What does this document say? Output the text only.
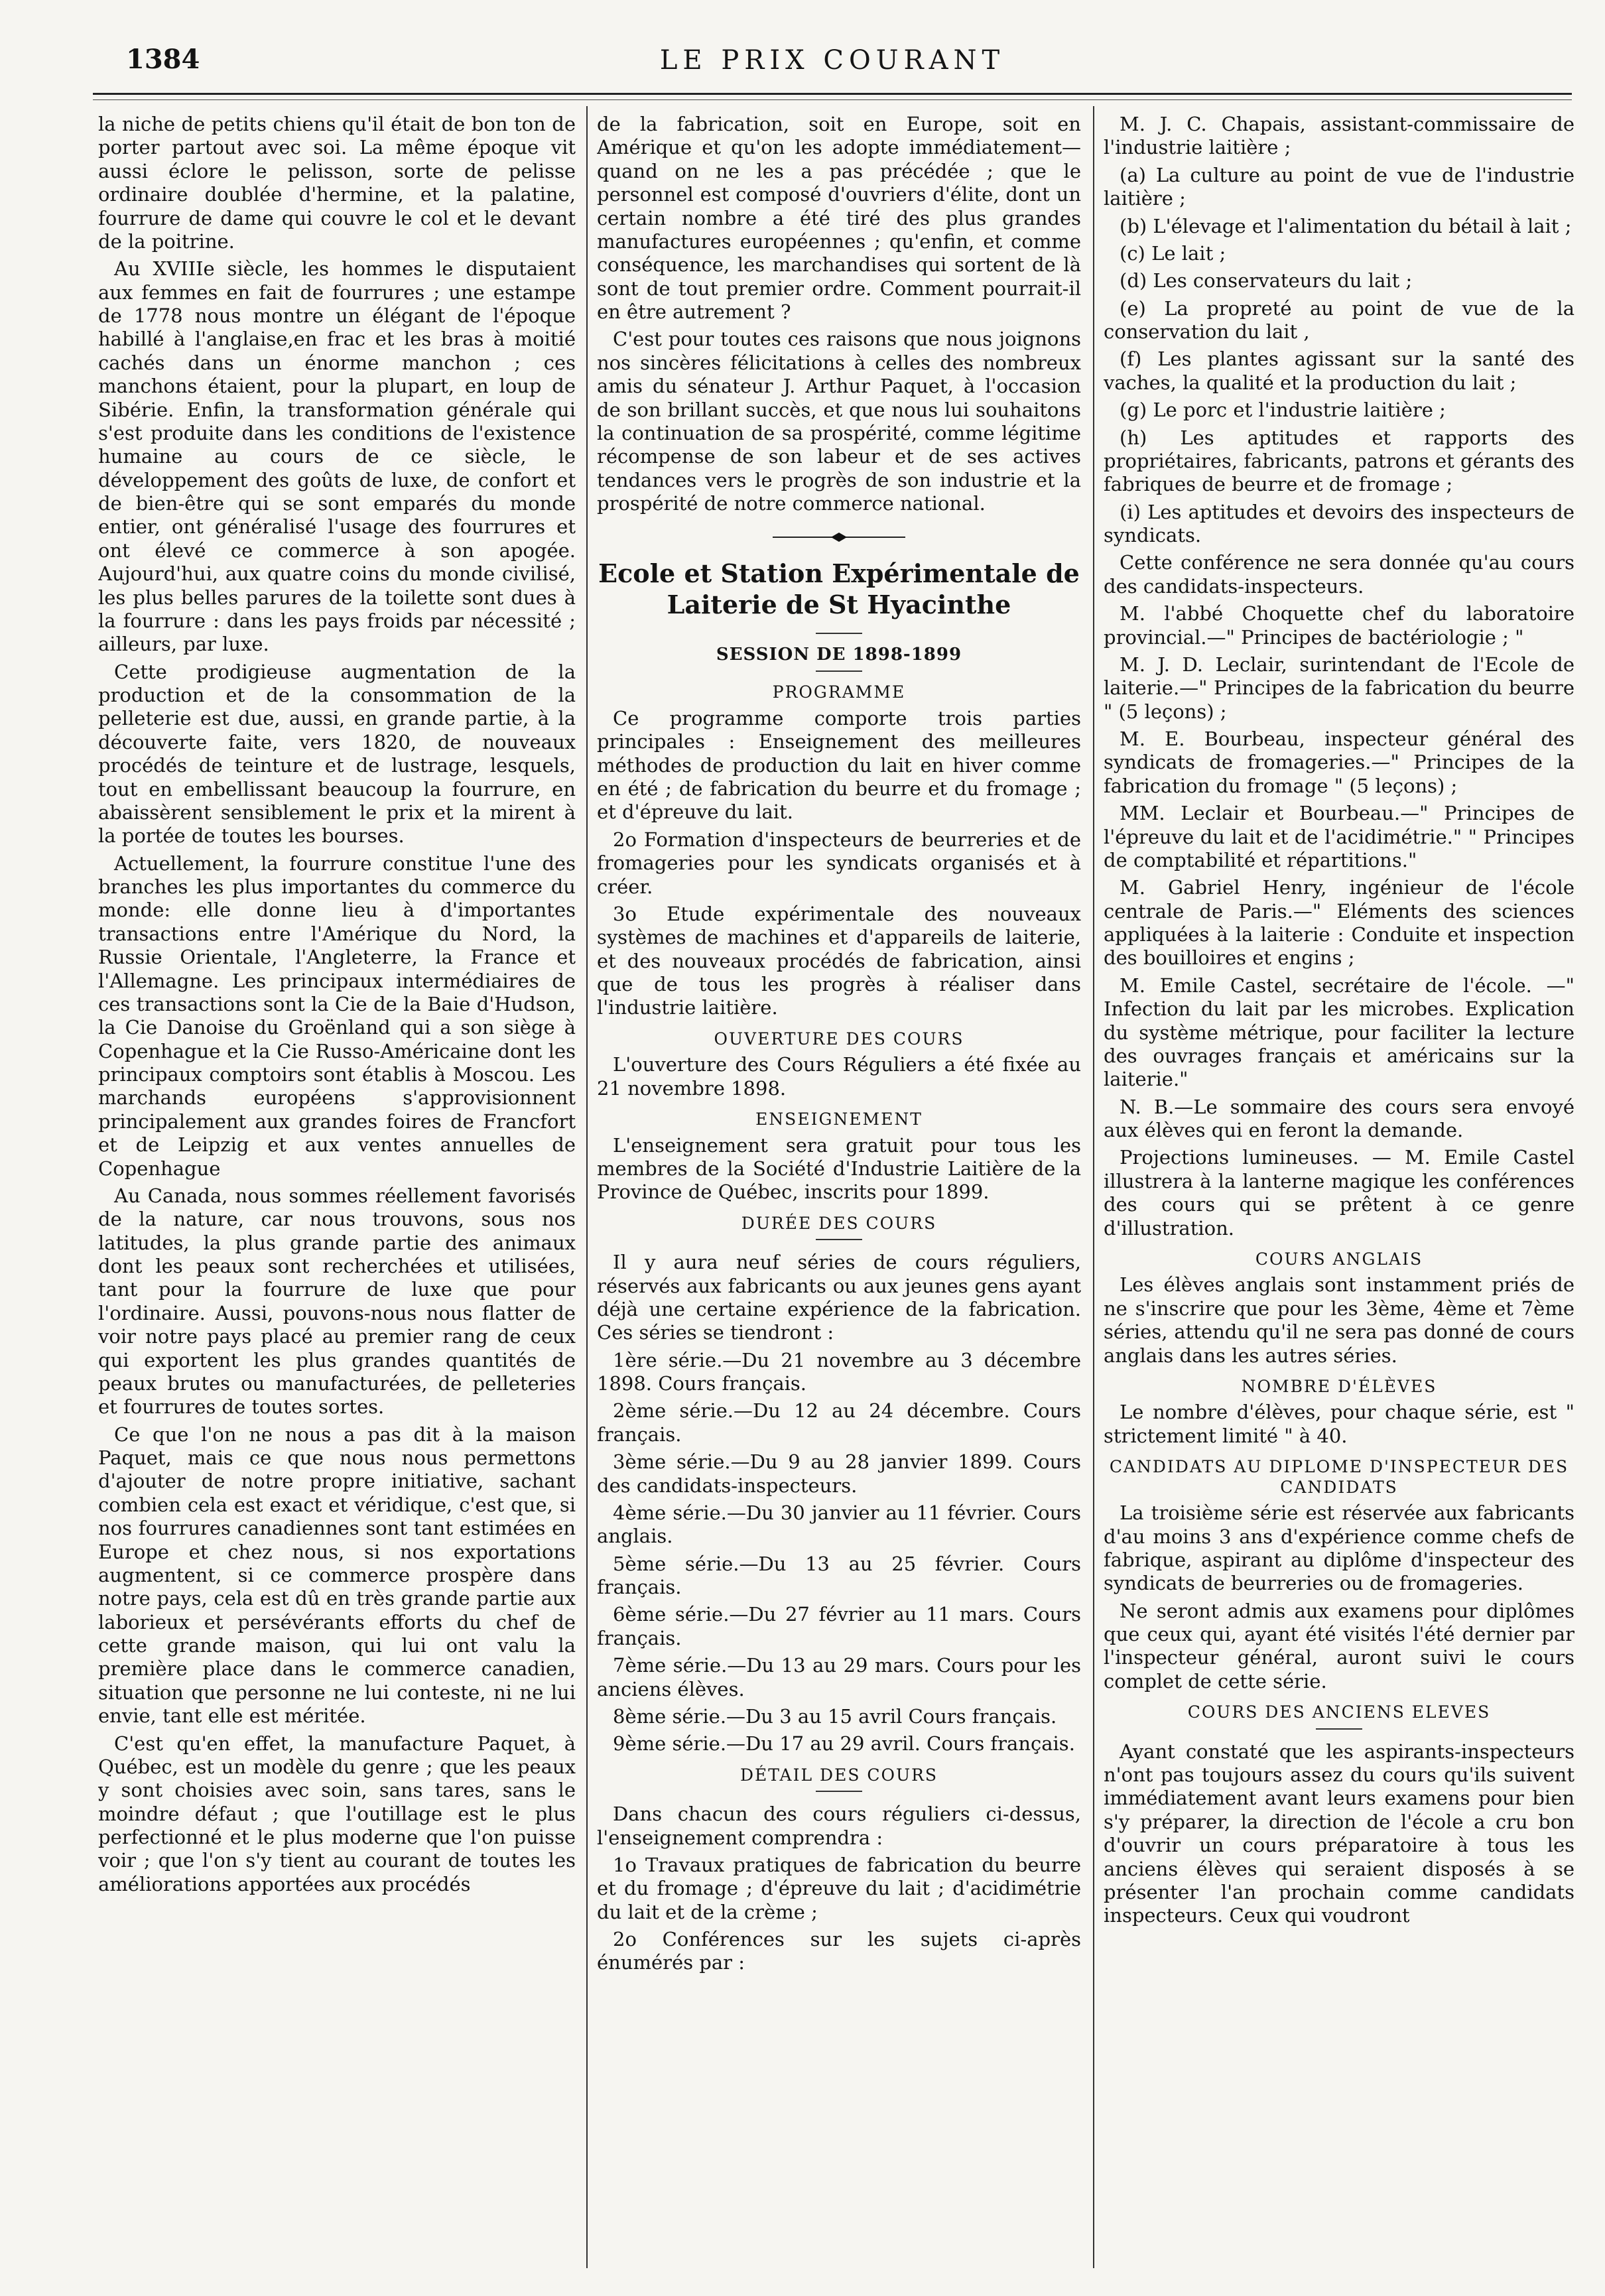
1384	LE PRIX COURANT

la niche de petits chiens qu'il était de bon ton de porter partout avec soi. La même époque vit aussi éclore le pelisson, sorte de pelisse ordinaire doublée d'hermine, et la palatine, fourrure de dame qui couvre le col et le devant de la poitrine.

Au XVIIIe siècle, les hommes le disputaient aux femmes en fait de fourrures ; une estampe de 1778 nous montre un élégant de l'époque habillé à l'anglaise,en frac et les bras à moitié cachés dans un énorme manchon ; ces manchons étaient, pour la plupart, en loup de Sibérie. Enfin, la transformation générale qui s'est produite dans les conditions de l'existence humaine au cours de ce siècle, le développement des goûts de luxe, de confort et de bien-être qui se sont emparés du monde entier, ont généralisé l'usage des fourrures et ont élevé ce commerce à son apogée. Aujourd'hui, aux quatre coins du monde civilisé, les plus belles parures de la toilette sont dues à la fourrure : dans les pays froids par nécessité ; ailleurs, par luxe.

Cette prodigieuse augmentation de la production et de la consommation de la pelleterie est due, aussi, en grande partie, à la découverte faite, vers 1820, de nouveaux procédés de teinture et de lustrage, lesquels, tout en embellissant beaucoup la fourrure, en abaissèrent sensiblement le prix et la mirent à la portée de toutes les bourses.

Actuellement, la fourrure constitue l'une des branches les plus importantes du commerce du monde: elle donne lieu à d'importantes transactions entre l'Amérique du Nord, la Russie Orientale, l'Angleterre, la France et l'Allemagne. Les principaux intermédiaires de ces transactions sont la Cie de la Baie d'Hudson, la Cie Danoise du Groënland qui a son siège à Copenhague et la Cie Russo-Américaine dont les principaux comptoirs sont établis à Moscou. Les marchands européens s'approvisionnent principalement aux grandes foires de Francfort et de Leipzig et aux ventes annuelles de Copenhague

Au Canada, nous sommes réellement favorisés de la nature, car nous trouvons, sous nos latitudes, la plus grande partie des animaux dont les peaux sont recherchées et utilisées, tant pour la fourrure de luxe que pour l'ordinaire. Aussi, pouvons-nous nous flatter de voir notre pays placé au premier rang de ceux qui exportent les plus grandes quantités de peaux brutes ou manufacturées, de pelleteries et fourrures de toutes sortes.

Ce que l'on ne nous a pas dit à la maison Paquet, mais ce que nous nous permettons d'ajouter de notre propre initiative, sachant combien cela est exact et véridique, c'est que, si nos fourrures canadiennes sont tant estimées en Europe et chez nous, si nos exportations augmentent, si ce commerce prospère dans notre pays, cela est dû en très grande partie aux laborieux et persévérants efforts du chef de cette grande maison, qui lui ont valu la première place dans le commerce canadien, situation que personne ne lui conteste, ni ne lui envie, tant elle est méritée.

C'est qu'en effet, la manufacture Paquet, à Québec, est un modèle du genre ; que les peaux y sont choisies avec soin, sans tares, sans le moindre défaut ; que l'outillage est le plus perfectionné et le plus moderne que l'on puisse voir ; que l'on s'y tient au courant de toutes les améliorations apportées aux procédés

de la fabrication, soit en Europe, soit en Amérique et qu'on les adopte immédiatement—quand on ne les a pas précédée ; que le personnel est composé d'ouvriers d'élite, dont un certain nombre a été tiré des plus grandes manufactures européennes ; qu'enfin, et comme conséquence, les marchandises qui sortent de là sont de tout premier ordre. Comment pourrait-il en être autrement ?

C'est pour toutes ces raisons que nous joignons nos sincères félicitations à celles des nombreux amis du sénateur J. Arthur Paquet, à l'occasion de son brillant succès, et que nous lui souhaitons la continuation de sa prospérité, comme légitime récompense de son labeur et de ses actives tendances vers le progrès de son industrie et la prospérité de notre commerce national.

Ecole et Station Expérimentale de Laiterie de St Hyacinthe
SESSION DE 1898-1899
PROGRAMME

Ce programme comporte trois parties principales : Enseignement des meilleures méthodes de production du lait en hiver comme en été ; de fabrication du beurre et du fromage ; et d'épreuve du lait.

2o Formation d'inspecteurs de beurreries et de fromageries pour les syndicats organisés et à créer.

3o Etude expérimentale des nouveaux systèmes de machines et d'appareils de laiterie, et des nouveaux procédés de fabrication, ainsi que de tous les progrès à réaliser dans l'industrie laitière.

OUVERTURE DES COURS

L'ouverture des Cours Réguliers a été fixée au 21 novembre 1898.

ENSEIGNEMENT

L'enseignement sera gratuit pour tous les membres de la Société d'Industrie Laitière de la Province de Québec, inscrits pour 1899.

DURÉE DES COURS

Il y aura neuf séries de cours réguliers, réservés aux fabricants ou aux jeunes gens ayant déjà une certaine expérience de la fabrication. Ces séries se tiendront :

1ère série.—Du 21 novembre au 3 décembre 1898. Cours français.

2ème série.—Du 12 au 24 décembre. Cours français.

3ème série.—Du 9 au 28 janvier 1899. Cours des candidats-inspecteurs.

4ème série.—Du 30 janvier au 11 février. Cours anglais.

5ème série.—Du 13 au 25 février. Cours français.

6ème série.—Du 27 février au 11 mars. Cours français.

7ème série.—Du 13 au 29 mars. Cours pour les anciens élèves.

8ème série.—Du 3 au 15 avril Cours français.

9ème série.—Du 17 au 29 avril. Cours français.

DÉTAIL DES COURS

Dans chacun des cours réguliers ci-dessus, l'enseignement comprendra :

1o Travaux pratiques de fabrication du beurre et du fromage ; d'épreuve du lait ; d'acidimétrie du lait et de la crème ;

2o Conférences sur les sujets ci-après énumérés par :

M. J. C. Chapais, assistant-commissaire de l'industrie laitière ;

(a) La culture au point de vue de l'industrie laitière ;

(b) L'élevage et l'alimentation du bétail à lait ;

(c) Le lait ;

(d) Les conservateurs du lait ;

(e) La propreté au point de vue de la conservation du lait ,

(f) Les plantes agissant sur la santé des vaches, la qualité et la production du lait ;

(g) Le porc et l'industrie laitière ;

(h) Les aptitudes et rapports des propriétaires, fabricants, patrons et gérants des fabriques de beurre et de fromage ;

(i) Les aptitudes et devoirs des inspecteurs de syndicats.

Cette conférence ne sera donnée qu'au cours des candidats-inspecteurs.

M. l'abbé Choquette chef du laboratoire provincial.—" Principes de bactériologie ; "

M. J. D. Leclair, surintendant de l'Ecole de laiterie.—" Principes de la fabrication du beurre " (5 leçons) ;

M. E. Bourbeau, inspecteur général des syndicats de fromageries.—" Principes de la fabrication du fromage " (5 leçons) ;

MM. Leclair et Bourbeau.—" Principes de l'épreuve du lait et de l'acidimétrie." " Principes de comptabilité et répartitions."

M. Gabriel Henry, ingénieur de l'école centrale de Paris.—" Eléments des sciences appliquées à la laiterie : Conduite et inspection des bouilloires et engins ;

M. Emile Castel, secrétaire de l'école. —" Infection du lait par les microbes. Explication du système métrique, pour faciliter la lecture des ouvrages français et américains sur la laiterie."

N. B.—Le sommaire des cours sera envoyé aux élèves qui en feront la demande.

Projections lumineuses. — M. Emile Castel illustrera à la lanterne magique les conférences des cours qui se prêtent à ce genre d'illustration.

COURS ANGLAIS

Les élèves anglais sont instamment priés de ne s'inscrire que pour les 3ème, 4ème et 7ème séries, attendu qu'il ne sera pas donné de cours anglais dans les autres séries.

NOMBRE D'ÉLÈVES

Le nombre d'élèves, pour chaque série, est " strictement limité " à 40.

CANDIDATS AU DIPLOME D'INSPECTEUR DES CANDIDATS

La troisième série est réservée aux fabricants d'au moins 3 ans d'expérience comme chefs de fabrique, aspirant au diplôme d'inspecteur des syndicats de beurreries ou de fromageries.

Ne seront admis aux examens pour diplômes que ceux qui, ayant été visités l'été dernier par l'inspecteur général, auront suivi le cours complet de cette série.

COURS DES ANCIENS ELEVES

Ayant constaté que les aspirants-inspecteurs n'ont pas toujours assez du cours qu'ils suivent immédiatement avant leurs examens pour bien s'y préparer, la direction de l'école a cru bon d'ouvrir un cours préparatoire à tous les anciens élèves qui seraient disposés à se présenter l'an prochain comme candidats inspecteurs. Ceux qui voudront
